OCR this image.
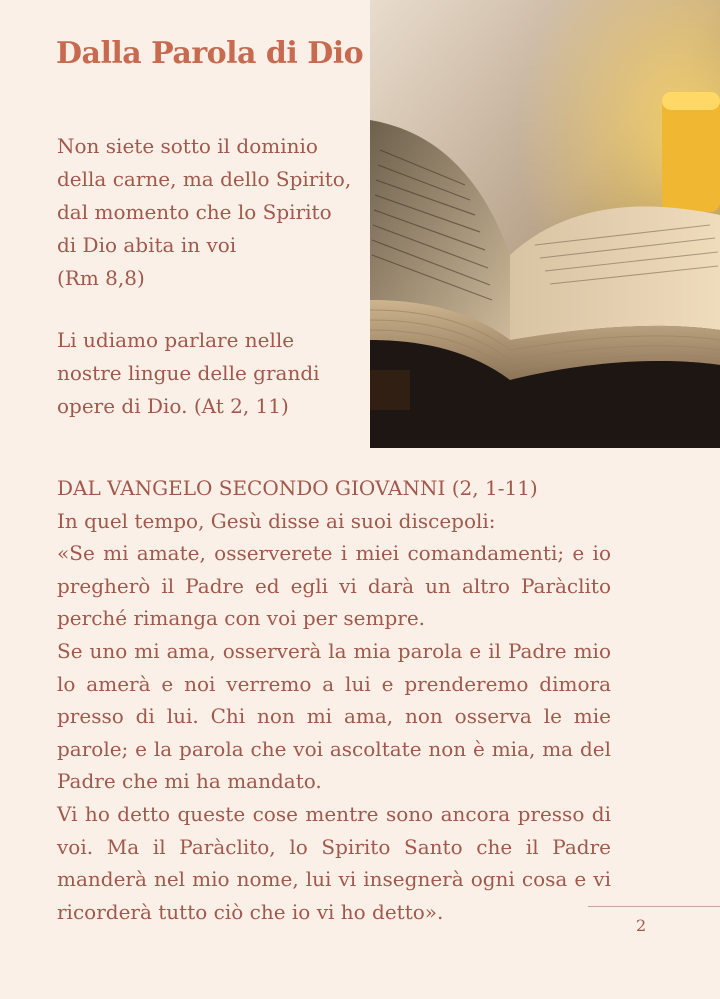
Dalla Parola di Dio
Non siete sotto il dominio
della carne, ma dello Spirito,
dal momento che lo Spirito
di Dio abita in voi
(Rm 8,8)
Li udiamo parlare nelle
nostre lingue delle grandi
opere di Dio. (At 2, 11)
DAL VANGELO SECONDO GIOVANNI (2, 1-11)
In quel tempo, Gesù disse ai suoi discepoli:

«Se mi amate, osserverete i miei comandamenti; e io pregherò il Padre ed egli vi darà un altro Paràclito perché rimanga con voi per sempre.

Se uno mi ama, osserverà la mia parola e il Padre mio lo amerà e noi verremo a lui e prenderemo dimora presso di lui. Chi non mi ama, non osserva le mie parole; e la parola che voi ascoltate non è mia, ma del Padre che mi ha mandato.

Vi ho detto queste cose mentre sono ancora presso di voi. Ma il Paràclito, lo Spirito Santo che il Padre manderà nel mio nome, lui vi insegnerà ogni cosa e vi ricorderà tutto ciò che io vi ho detto».

2
